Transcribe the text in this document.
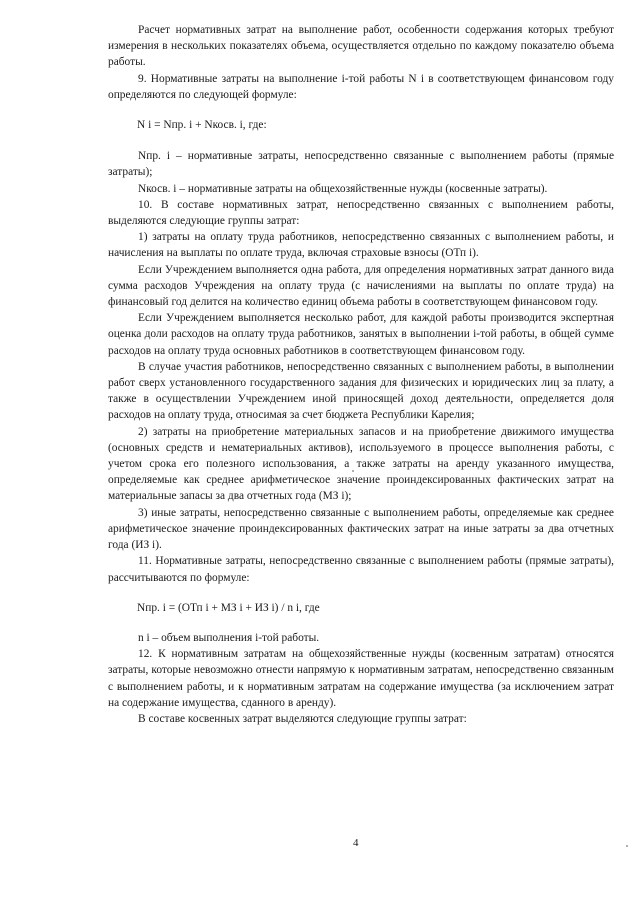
Расчет нормативных затрат на выполнение работ, особенности содержания которых требуют измерения в нескольких показателях объема, осуществляется отдельно по каждому показателю объема работы.

9. Нормативные затраты на выполнение i-той работы N i в соответствующем финансовом году определяются по следующей формуле:

N i = Nпр. i + Nкосв. i, где:

Nпр. i – нормативные затраты, непосредственно связанные с выполнением работы (прямые затраты);

Nкосв. i – нормативные затраты на общехозяйственные нужды (косвенные затраты).

10. В составе нормативных затрат, непосредственно связанных с выполнением работы, выделяются следующие группы затрат:

1) затраты на оплату труда работников, непосредственно связанных с выполнением работы, и начисления на выплаты по оплате труда, включая страховые взносы (ОТп i).

Если Учреждением выполняется одна работа, для определения нормативных затрат данного вида сумма расходов Учреждения на оплату труда (с начислениями на выплаты по оплате труда) на финансовый год делится на количество единиц объема работы в соответствующем финансовом году.

Если Учреждением выполняется несколько работ, для каждой работы производится экспертная оценка доли расходов на оплату труда работников, занятых в выполнении i-той работы, в общей сумме расходов на оплату труда основных работников в соответствующем финансовом году.

В случае участия работников, непосредственно связанных с выполнением работы, в выполнении работ сверх установленного государственного задания для физических и юридических лиц за плату, а также в осуществлении Учреждением иной приносящей доход деятельности, определяется доля расходов на оплату труда, относимая за счет бюджета Республики Карелия;

2) затраты на приобретение материальных запасов и на приобретение движимого имущества (основных средств и нематериальных активов), используемого в процессе выполнения работы, с учетом срока его полезного использования, а также затраты на аренду указанного имущества, определяемые как среднее арифметическое значение проиндексированных фактических затрат на материальные запасы за два отчетных года (МЗ i);

3) иные затраты, непосредственно связанные с выполнением работы, определяемые как среднее арифметическое значение проиндексированных фактических затрат на иные затраты за два отчетных года (ИЗ i).

11. Нормативные затраты, непосредственно связанные с выполнением работы (прямые затраты), рассчитываются по формуле:

Nпр. i = (ОТп i + МЗ i + ИЗ i) / n i, где

n i – объем выполнения i-той работы.

12. К нормативным затратам на общехозяйственные нужды (косвенным затратам) относятся затраты, которые невозможно отнести напрямую к нормативным затратам, непосредственно связанным с выполнением работы, и к нормативным затратам на содержание имущества (за исключением затрат на содержание имущества, сданного в аренду).

В составе косвенных затрат выделяются следующие группы затрат:

4
